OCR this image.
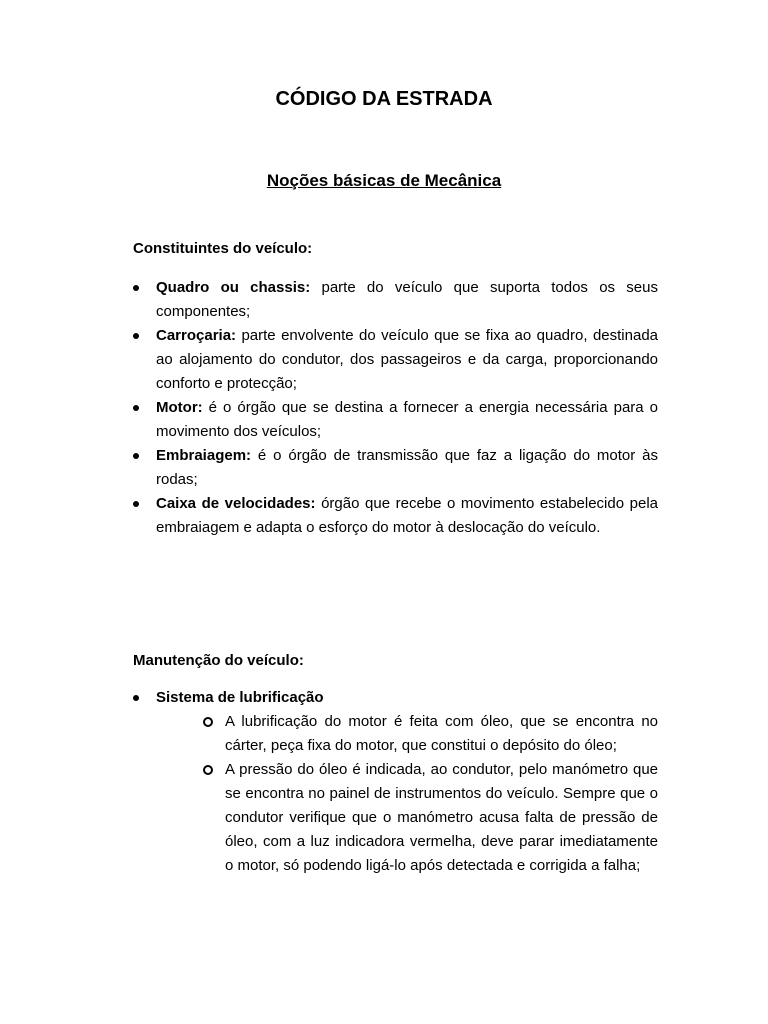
CÓDIGO DA ESTRADA
Noções básicas de Mecânica

Constituintes do veículo:

Quadro ou chassis: parte do veículo que suporta todos os seus componentes;
Carroçaria: parte envolvente do veículo que se fixa ao quadro, destinada ao alojamento do condutor, dos passageiros e da carga, proporcionando conforto e protecção;
Motor: é o órgão que se destina a fornecer a energia necessária para o movimento dos veículos;
Embraiagem: é o órgão de transmissão que faz a ligação do motor às rodas;
Caixa de velocidades: órgão que recebe o movimento estabelecido pela embraiagem e adapta o esforço do motor à deslocação do veículo.

Manutenção do veículo:

Sistema de lubrificação
A lubrificação do motor é feita com óleo, que se encontra no cárter, peça fixa do motor, que constitui o depósito do óleo;
A pressão do óleo é indicada, ao condutor, pelo manómetro que se encontra no painel de instrumentos do veículo. Sempre que o condutor verifique que o manómetro acusa falta de pressão de óleo, com a luz indicadora vermelha, deve parar imediatamente o motor, só podendo ligá-lo após detectada e corrigida a falha;
